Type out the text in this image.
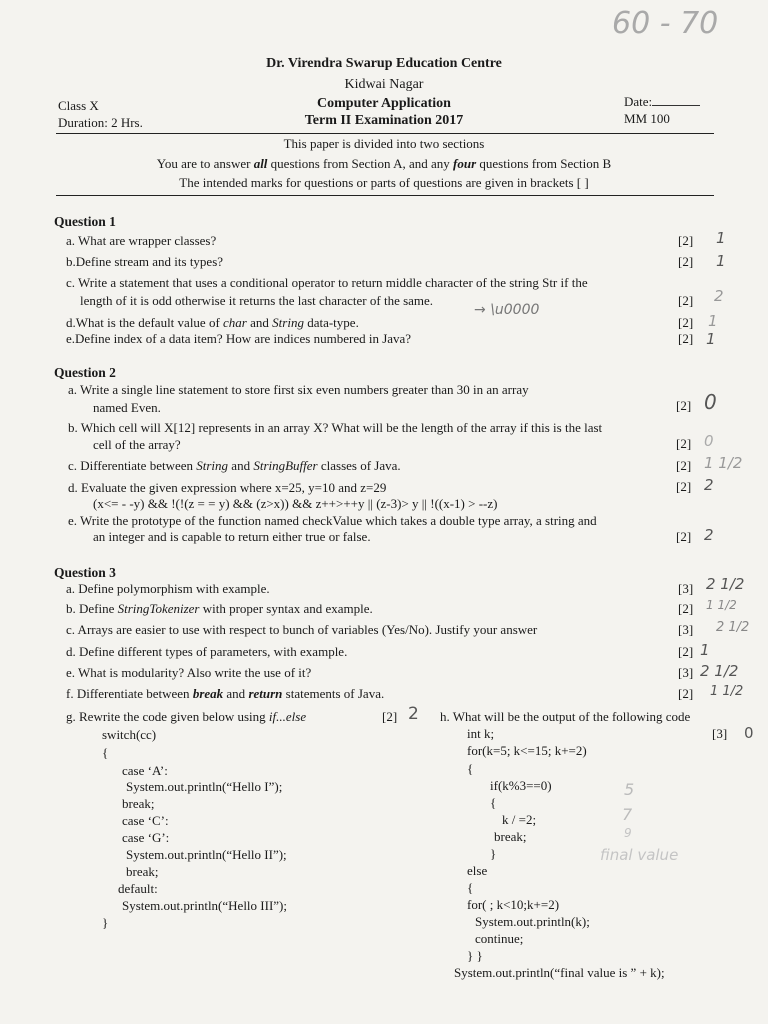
60 - 70
Dr. Virendra Swarup Education Centre
Kidwai Nagar
Computer Application
Term II Examination 2017
Class X
Duration: 2 Hrs.
Date:
MM 100
This paper is divided into two sections
You are to answer all questions from Section A, and any four questions from Section B
The intended marks for questions or parts of questions are given in brackets [ ]
Question 1
a. What are wrapper classes?
b.Define stream and its types?
c. Write a statement that uses a conditional operator to return middle character of the string Str if the
length of it is odd otherwise it returns the last character of the same.
d.What is the default value of char and String data-type.
e.Define index of a data item? How are indices numbered in Java?
[2]
[2]
[2]
[2]
[2]
1
1
2
1
1
→ \u0000
Question 2
a. Write a single line statement to store first six even numbers greater than 30 in an array
named Even.
b. Which cell will X[12] represents in an array X? What will be the length of the array if this is the last
cell of the array?
c. Differentiate between String and StringBuffer classes of Java.
d. Evaluate the given expression where x=25, y=10 and z=29
(x<= - -y) && !(!(z = = y) && (z>x)) && z++>++y || (z-3)> y || !((x-1) > --z)
e. Write the prototype of the function named checkValue which takes a double type array, a string and
an integer and is capable to return either true or false.
[2]
[2]
[2]
[2]
[2]
0
0
1 1/2
2
2
Question 3
a. Define polymorphism with example.
b. Define StringTokenizer with proper syntax and example.
c. Arrays are easier to use with respect to bunch of variables (Yes/No). Justify your answer
d. Define different types of parameters, with example.
e. What is modularity? Also write the use of it?
f. Differentiate between break and return statements of Java.
[3]
[2]
[3]
[2]
[3]
[2]
2 1/2
1 1/2
2 1/2
1
2 1/2
1 1/2
g. Rewrite the code given below using if...else	[2] 2
switch(cc)
{
case ‘A’:
System.out.println(“Hello I”);
break;
case ‘C’:
case ‘G’:
System.out.println(“Hello II”);
break;
default:
System.out.println(“Hello III”);
}
h. What will be the output of the following code
[3] 0
int k;
for(k=5; k<=15; k+=2)
{
if(k%3==0)
{
k / =2;
break;
}
else
{
for( ; k<10;k+=2)
System.out.println(k);
continue;
} }
System.out.println(“final value is ” + k);
5
7
9
final value
